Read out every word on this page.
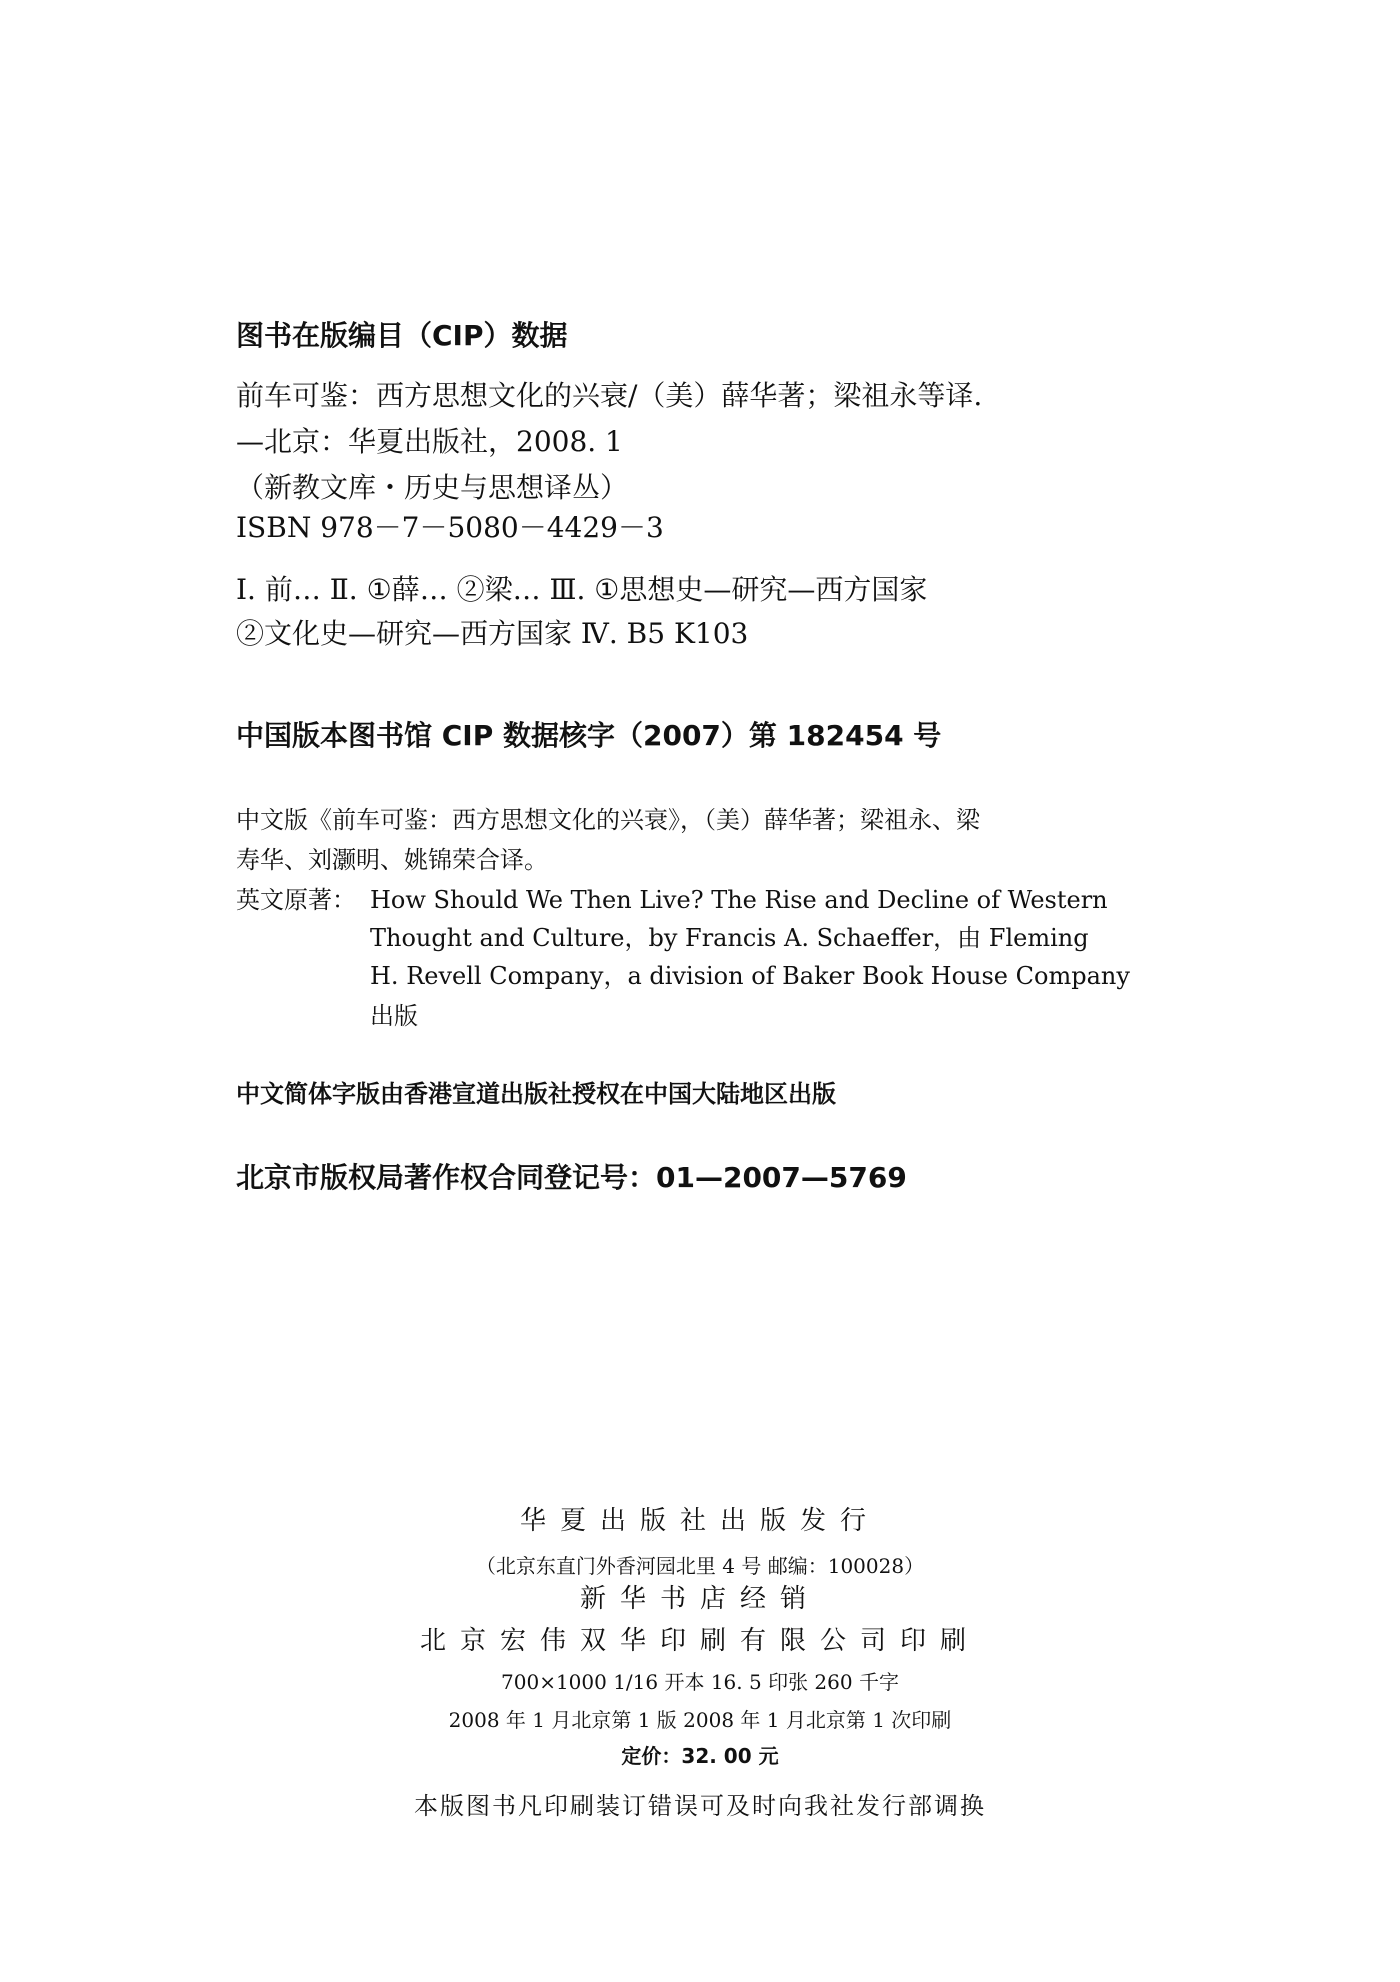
图书在版编目（CIP）数据
前车可鉴：西方思想文化的兴衰/（美）薛华著；梁祖永等译.
—北京：华夏出版社，2008. 1
（新教文库・历史与思想译丛）
ISBN 978－7－5080－4429－3
Ⅰ. 前… Ⅱ. ①薛… ②梁… Ⅲ. ①思想史—研究—西方国家
②文化史—研究—西方国家 Ⅳ. B5 K103
中国版本图书馆 CIP 数据核字（2007）第 182454 号
中文版《前车可鉴：西方思想文化的兴衰》，（美）薛华著；梁祖永、梁
寿华、刘灏明、姚锦荣合译。
英文原著： How Should We Then Live? The Rise and Decline of Western
Thought and Culture，by Francis A. Schaeffer，由 Fleming
H. Revell Company，a division of Baker Book House Company
出版
中文简体字版由香港宣道出版社授权在中国大陆地区出版
北京市版权局著作权合同登记号：01—2007—5769
华夏出版社出版发行
（北京东直门外香河园北里 4 号 邮编：100028）
新华书店经销
北京宏伟双华印刷有限公司印刷
700×1000 1/16 开本 16. 5 印张 260 千字
2008 年 1 月北京第 1 版 2008 年 1 月北京第 1 次印刷
定价：32. 00 元
本版图书凡印刷装订错误可及时向我社发行部调换
